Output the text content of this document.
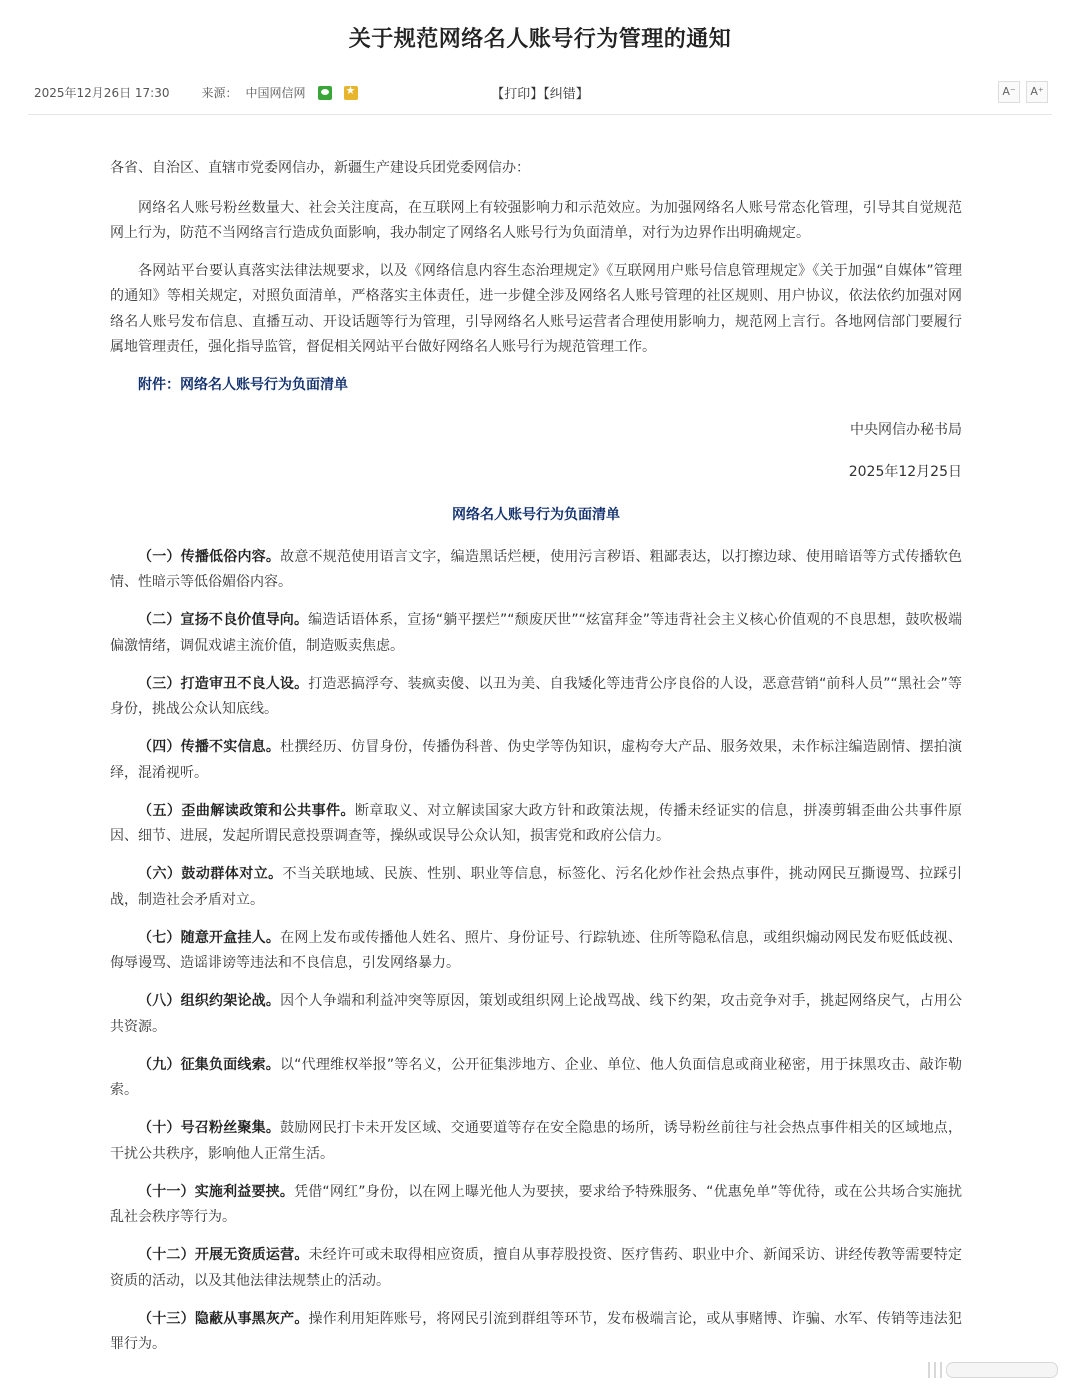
关于规范网络名人账号行为管理的通知
2025年12月26日 17:30	来源： 中国网信网
★	【打印】【纠错】	A⁻	A⁺

各省、自治区、直辖市党委网信办，新疆生产建设兵团党委网信办：

网络名人账号粉丝数量大、社会关注度高，在互联网上有较强影响力和示范效应。为加强网络名人账号常态化管理，引导其自觉规范网上行为，防范不当网络言行造成负面影响，我办制定了网络名人账号行为负面清单，对行为边界作出明确规定。

各网站平台要认真落实法律法规要求，以及《网络信息内容生态治理规定》《互联网用户账号信息管理规定》《关于加强“自媒体”管理的通知》等相关规定，对照负面清单，严格落实主体责任，进一步健全涉及网络名人账号管理的社区规则、用户协议，依法依约加强对网络名人账号发布信息、直播互动、开设话题等行为管理，引导网络名人账号运营者合理使用影响力，规范网上言行。各地网信部门要履行属地管理责任，强化指导监管，督促相关网站平台做好网络名人账号行为规范管理工作。

附件：网络名人账号行为负面清单

中央网信办秘书局

2025年12月25日

网络名人账号行为负面清单

（一）传播低俗内容。故意不规范使用语言文字，编造黑话烂梗，使用污言秽语、粗鄙表达，以打擦边球、使用暗语等方式传播软色情、性暗示等低俗媚俗内容。

（二）宣扬不良价值导向。编造话语体系，宣扬“躺平摆烂”“颓废厌世”“炫富拜金”等违背社会主义核心价值观的不良思想，鼓吹极端偏激情绪，调侃戏谑主流价值，制造贩卖焦虑。

（三）打造审丑不良人设。打造恶搞浮夸、装疯卖傻、以丑为美、自我矮化等违背公序良俗的人设，恶意营销“前科人员”“黑社会”等身份，挑战公众认知底线。

（四）传播不实信息。杜撰经历、仿冒身份，传播伪科普、伪史学等伪知识，虚构夸大产品、服务效果，未作标注编造剧情、摆拍演绎，混淆视听。

（五）歪曲解读政策和公共事件。断章取义、对立解读国家大政方针和政策法规，传播未经证实的信息，拼凑剪辑歪曲公共事件原因、细节、进展，发起所谓民意投票调查等，操纵或误导公众认知，损害党和政府公信力。

（六）鼓动群体对立。不当关联地域、民族、性别、职业等信息，标签化、污名化炒作社会热点事件，挑动网民互撕谩骂、拉踩引战，制造社会矛盾对立。

（七）随意开盒挂人。在网上发布或传播他人姓名、照片、身份证号、行踪轨迹、住所等隐私信息，或组织煽动网民发布贬低歧视、侮辱谩骂、造谣诽谤等违法和不良信息，引发网络暴力。

（八）组织约架论战。因个人争端和利益冲突等原因，策划或组织网上论战骂战、线下约架，攻击竞争对手，挑起网络戾气，占用公共资源。

（九）征集负面线索。以“代理维权举报”等名义，公开征集涉地方、企业、单位、他人负面信息或商业秘密，用于抹黑攻击、敲诈勒索。

（十）号召粉丝聚集。鼓励网民打卡未开发区域、交通要道等存在安全隐患的场所，诱导粉丝前往与社会热点事件相关的区域地点，干扰公共秩序，影响他人正常生活。

（十一）实施利益要挟。凭借“网红”身份，以在网上曝光他人为要挟，要求给予特殊服务、“优惠免单”等优待，或在公共场合实施扰乱社会秩序等行为。

（十二）开展无资质运营。未经许可或未取得相应资质，擅自从事荐股投资、医疗售药、职业中介、新闻采访、讲经传教等需要特定资质的活动，以及其他法律法规禁止的活动。

（十三）隐蔽从事黑灰产。操作利用矩阵账号，将网民引流到群组等环节，发布极端言论，或从事赌博、诈骗、水军、传销等违法犯罪行为。
